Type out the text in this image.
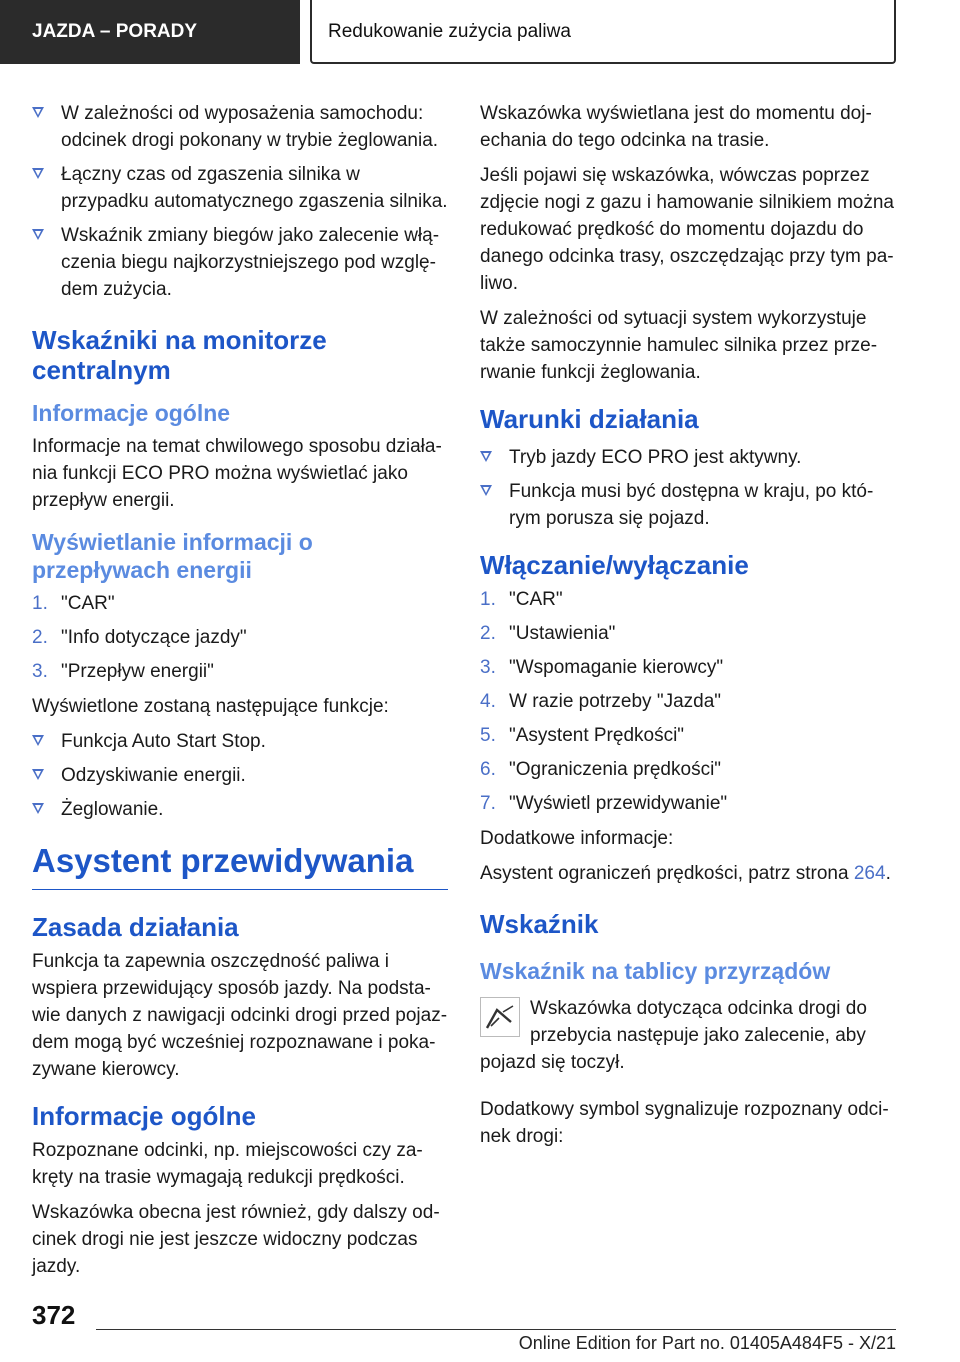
JAZDA – PORADY	Redukowanie zużycia paliwa
W zależności od wyposażenia samochodu: odcinek drogi pokonany w trybie żeglowania.
Łączny czas od zgaszenia silnika w przypadku automatycznego zgaszenia silnika.
Wskaźnik zmiany biegów jako zalecenie włączenia biegu najkorzystniejszego pod względem zużycia.
Wskaźniki na monitorze centralnym
Informacje ogólne

Informacje na temat chwilowego sposobu działania funkcji ECO PRO można wyświetlać jako przepływ energii.

Wyświetlanie informacji o przepływach energii
1. "CAR"
2. "Info dotyczące jazdy"
3. "Przepływ energii"

Wyświetlone zostaną następujące funkcje:

Funkcja Auto Start Stop.
Odzyskiwanie energii.
Żeglowanie.
Asystent przewidywania
Zasada działania

Funkcja ta zapewnia oszczędność paliwa i wspiera przewidujący sposób jazdy. Na podstawie danych z nawigacji odcinki drogi przed pojazdem mogą być wcześniej rozpoznawane i pokazywane kierowcy.

Informacje ogólne

Rozpoznane odcinki, np. miejscowości czy zakręty na trasie wymagają redukcji prędkości.

Wskazówka obecna jest również, gdy dalszy odcinek drogi nie jest jeszcze widoczny podczas jazdy.

Wskazówka wyświetlana jest do momentu dojechania do tego odcinka na trasie.

Jeśli pojawi się wskazówka, wówczas poprzez zdjęcie nogi z gazu i hamowanie silnikiem można redukować prędkość do momentu dojazdu do danego odcinka trasy, oszczędzając przy tym paliwo.

W zależności od sytuacji system wykorzystuje także samoczynnie hamulec silnika przez przerwanie funkcji żeglowania.

Warunki działania
Tryb jazdy ECO PRO jest aktywny.
Funkcja musi być dostępna w kraju, po którym porusza się pojazd.
Włączanie/wyłączanie
1. "CAR"
2. "Ustawienia"
3. "Wspomaganie kierowcy"
4. W razie potrzeby "Jazda"
5. "Asystent Prędkości"
6. "Ograniczenia prędkości"
7. "Wyświetl przewidywanie"

Dodatkowe informacje:

Asystent ograniczeń prędkości, patrz strona 264.

Wskaźnik
Wskaźnik na tablicy przyrządów

Wskazówka dotycząca odcinka drogi do przebycia następuje jako zalecenie, aby pojazd się toczył.

Dodatkowy symbol sygnalizuje rozpoznany odcinek drogi:

372
Online Edition for Part no. 01405A484F5 - X/21
